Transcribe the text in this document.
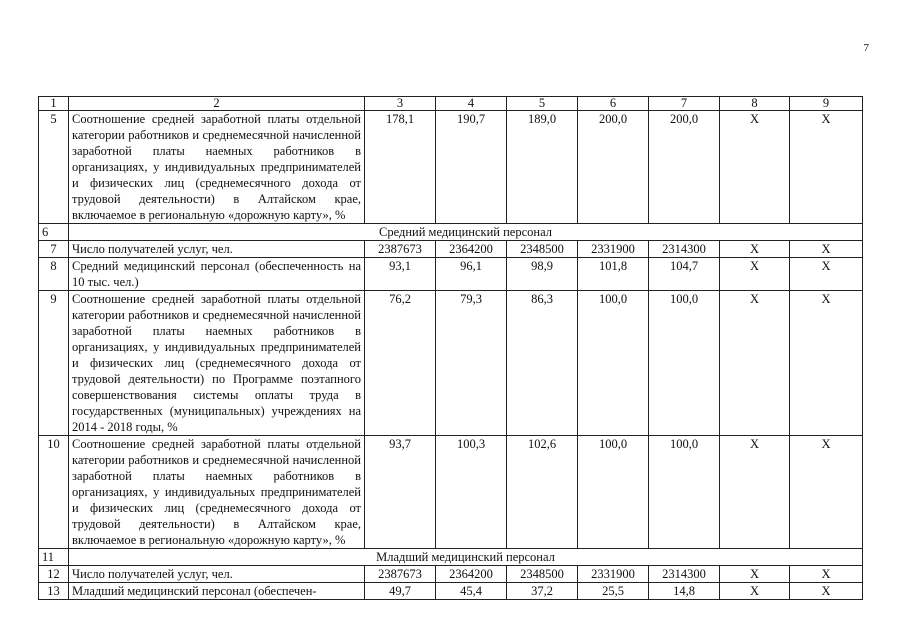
7
1	2	3	4	5	6	7	8	9
5	Соотношение средней заработной платы отдельной категории работников и среднемесячной начисленной заработной платы наемных работников в организациях, у индивидуальных предпринимателей и физических лиц (среднемесячного дохода от трудовой деятельности) в Алтайском крае, включаемое в региональную «дорожную карту», %	178,1	190,7	189,0	200,0	200,0	X	X
6	Средний медицинский персонал							
7	Число получателей услуг, чел.	2387673	2364200	2348500	2331900	2314300	X	X
8	Средний медицинский персонал (обеспеченность на 10 тыс. чел.)	93,1	96,1	98,9	101,8	104,7	X	X
9	Соотношение средней заработной платы отдельной категории работников и среднемесячной начисленной заработной платы наемных работников в организациях, у индивидуальных предпринимателей и физических лиц (среднемесячного дохода от трудовой деятельности) по Программе поэтапного совершенствования системы оплаты труда в государственных (муниципальных) учреждениях на 2014 - 2018 годы, %	76,2	79,3	86,3	100,0	100,0	X	X
10	Соотношение средней заработной платы отдельной категории работников и среднемесячной начисленной заработной платы наемных работников в организациях, у индивидуальных предпринимателей и физических лиц (среднемесячного дохода от трудовой деятельности) в Алтайском крае, включаемое в региональную «дорожную карту», %	93,7	100,3	102,6	100,0	100,0	X	X
11	Младший медицинский персонал							
12	Число получателей услуг, чел.	2387673	2364200	2348500	2331900	2314300	X	X
13	Младший медицинский персонал (обеспечен-	49,7	45,4	37,2	25,5	14,8	X	X
